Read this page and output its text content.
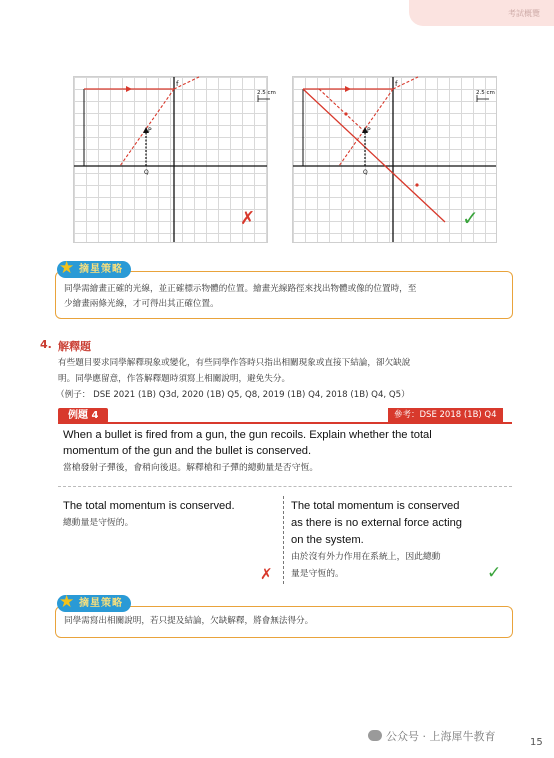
考試概覽
f
P
Q
2.5 cm
✗
f
P
Q
2.5 cm
✓
★ 摘星策略
同學需繪畫正確的光線，並正確標示物體的位置。繪畫光線路徑來找出物體或像的位置時，至
少繪畫兩條光線，才可得出其正確位置。
4. 解釋題
有些題目要求同學解釋現象或變化，有些同學作答時只指出相關現象或直接下結論，卻欠缺說
明。同學應留意，作答解釋題時須寫上相關說明，避免失分。
（例子： DSE 2021 (1B) Q3d, 2020 (1B) Q5, Q8, 2019 (1B) Q4, 2018 (1B) Q4, Q5）
例題 4	參考：DSE 2018 (1B) Q4
When a bullet is fired from a gun, the gun recoils. Explain whether the total
momentum of the gun and the bullet is conserved.
當槍發射子彈後，會稍向後退。解釋槍和子彈的總動量是否守恆。
The total momentum is conserved.
總動量是守恆的。
✗
The total momentum is conserved
as there is no external force acting
on the system.
由於沒有外力作用在系統上，因此總動
量是守恆的。	✓
★ 摘星策略
同學需寫出相關說明，若只提及結論，欠缺解釋，將會無法得分。
公众号 · 上海犀牛教育	15
